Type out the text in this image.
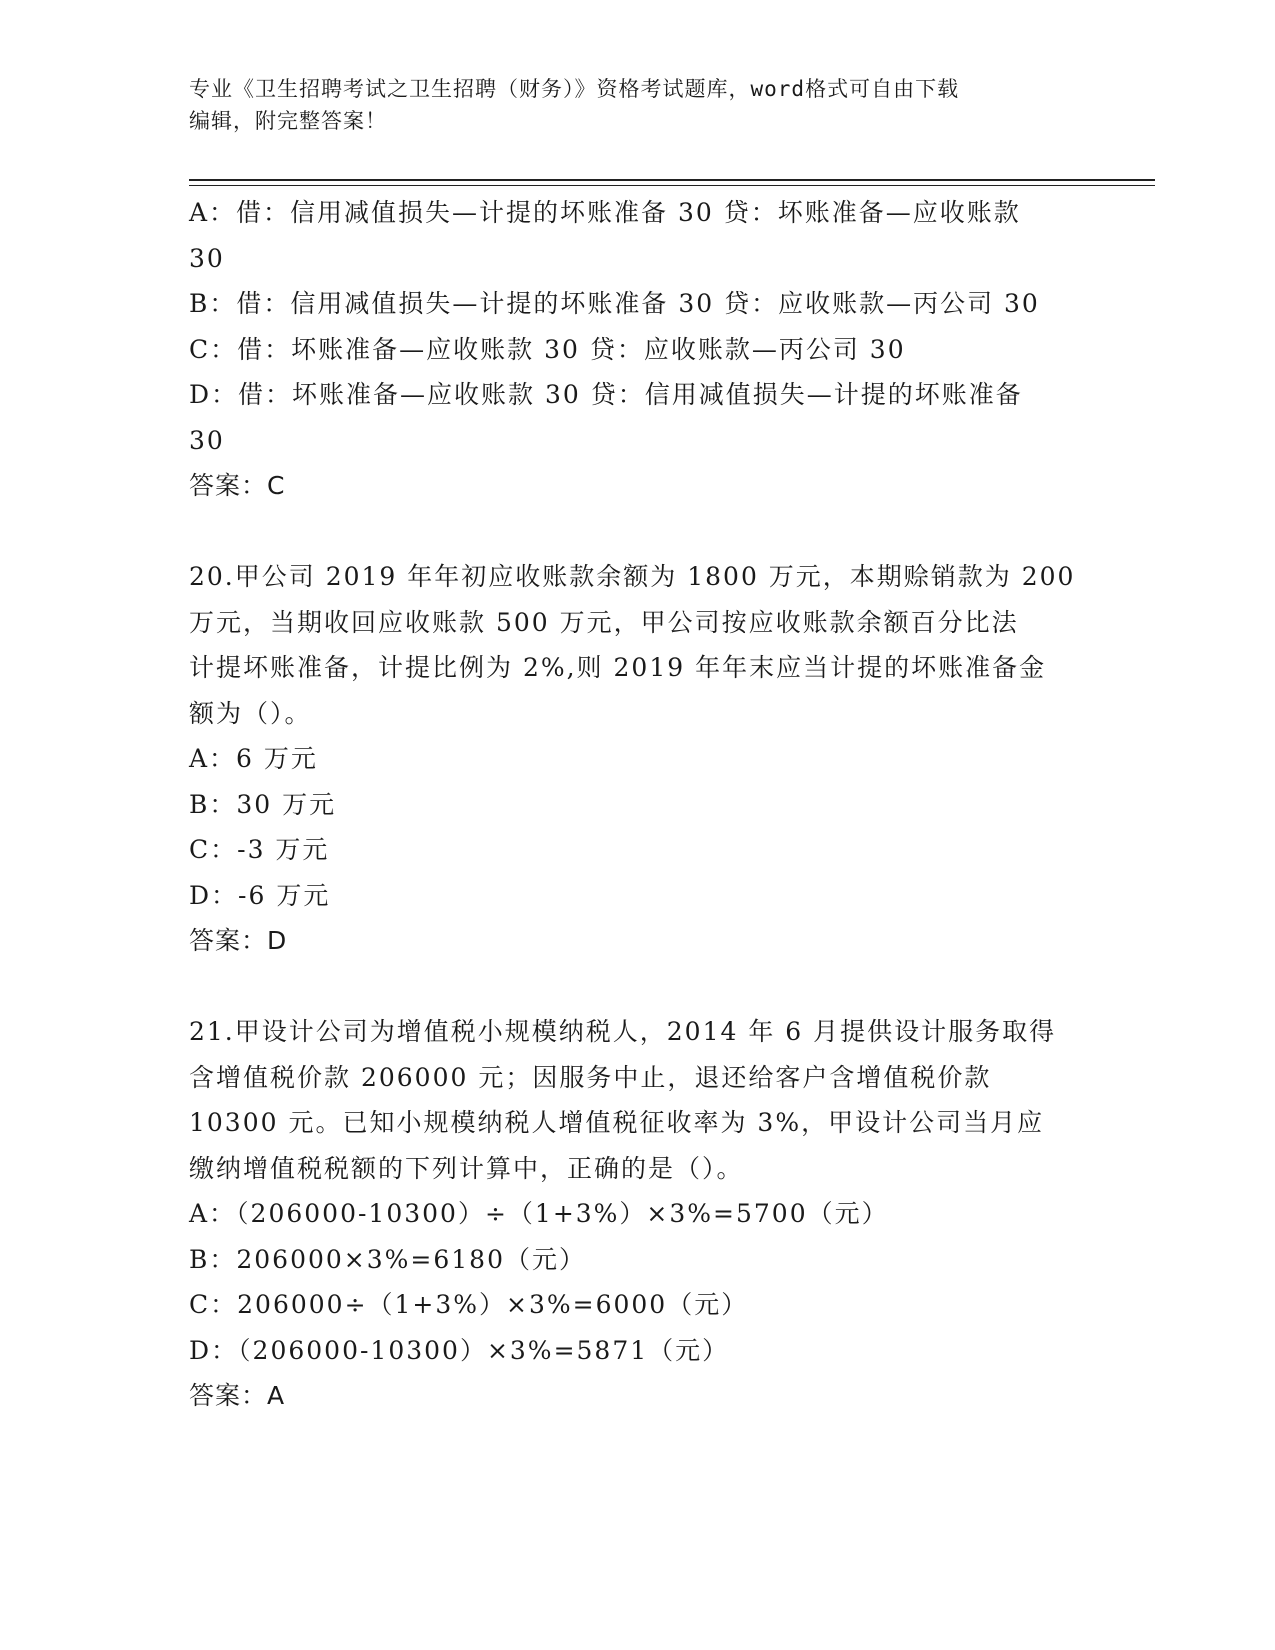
专业《卫生招聘考试之卫生招聘（财务）》资格考试题库，word格式可自由下载
编辑，附完整答案！
A：借：信用减值损失—计提的坏账准备 30 贷：坏账准备—应收账款
30
B：借：信用减值损失—计提的坏账准备 30 贷：应收账款—丙公司 30
C：借：坏账准备—应收账款 30 贷：应收账款—丙公司 30
D：借：坏账准备—应收账款 30 贷：信用减值损失—计提的坏账准备
30
答案：C
20.甲公司 2019 年年初应收账款余额为 1800 万元，本期赊销款为 200
万元，当期收回应收账款 500 万元，甲公司按应收账款余额百分比法
计提坏账准备，计提比例为 2%,则 2019 年年末应当计提的坏账准备金
额为（）。
A：6 万元
B：30 万元
C：-3 万元
D：-6 万元
答案：D
21.甲设计公司为增值税小规模纳税人，2014 年 6 月提供设计服务取得
含增值税价款 206000 元；因服务中止，退还给客户含增值税价款
10300 元。已知小规模纳税人增值税征收率为 3%，甲设计公司当月应
缴纳增值税税额的下列计算中，正确的是（）。
A：（206000-10300）÷（1+3%）×3%=5700（元）
B：206000×3%=6180（元）
C：206000÷（1+3%）×3%=6000（元）
D：（206000-10300）×3%=5871（元）
答案：A
